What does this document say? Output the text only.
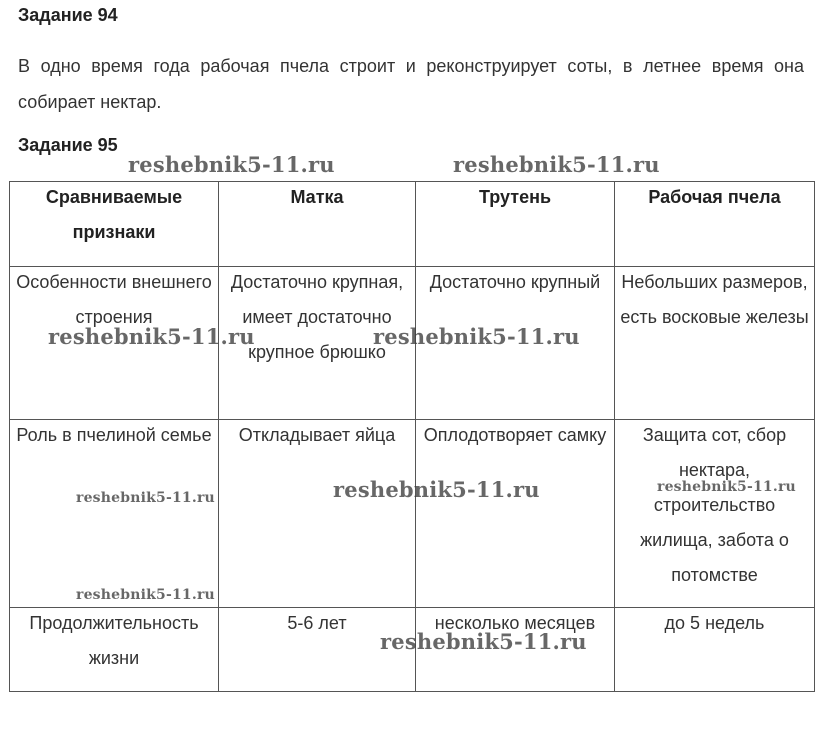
Задание 94
В одно время года рабочая пчела строит и реконструирует соты, в летнее время она собирает нектар.
Задание 95
Сравниваемые признаки	Матка	Трутень	Рабочая пчела

Особенности внешнего строения	Достаточно крупная, имеет достаточно крупное брюшко	Достаточно крупный	Небольших размеров, есть восковые железы

Роль в пчелиной семье	Откладывает яйца	Оплодотворяет самку	Защита сот, сбор нектара, строительство жилища, забота о потомстве

Продолжительность жизни	5-6 лет	несколько месяцев	до 5 недель
reshebnik5-11.ru	reshebnik5-11.ru
reshebnik5-11.ru	reshebnik5-11.ru
reshebnik5-11.ru	reshebnik5-11.ru	reshebnik5-11.ru
reshebnik5-11.ru
reshebnik5-11.ru
